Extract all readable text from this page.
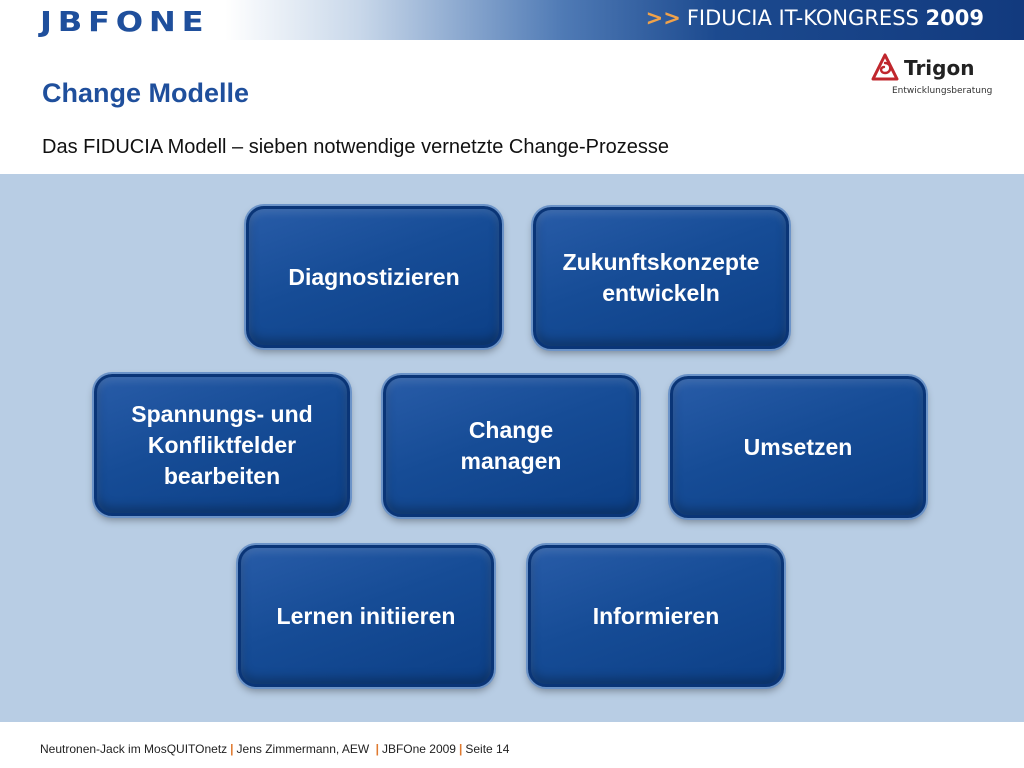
JBFONE	>> FIDUCIA IT-KONGRESS 2009
Trigon
Entwicklungsberatung
Change Modelle
Das FIDUCIA Modell – sieben notwendige vernetzte Change-Prozesse
Diagnostizieren
Zukunftskonzepte
entwickeln
Spannungs- und
Konfliktfelder
bearbeiten
Change
managen
Umsetzen
Lernen initiieren	Informieren
Neutronen-Jack im MosQUITOnetz | Jens Zimmermann, AEW | JBFOne 2009 | Seite 14
